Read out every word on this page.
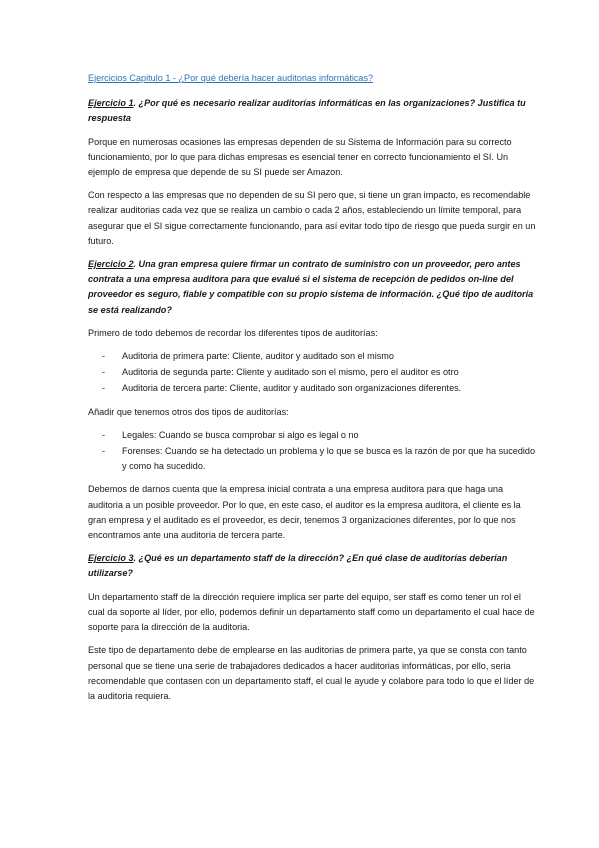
Ejercicios Capitulo 1 - ¿Por qué debería hacer auditorias informáticas?
Ejercicio 1. ¿Por qué es necesario realizar auditorías informáticas en las organizaciones? Justifica tu respuesta

Porque en numerosas ocasiones las empresas dependen de su Sistema de Información para su correcto funcionamiento, por lo que para dichas empresas es esencial tener en correcto funcionamiento el SI. Un ejemplo de empresa que depende de su SI puede ser Amazon.

Con respecto a las empresas que no dependen de su SI pero que, si tiene un gran impacto, es recomendable realizar auditorias cada vez que se realiza un cambio o cada 2 años, estableciendo un límite temporal, para asegurar que el SI sigue correctamente funcionando, para así evitar todo tipo de riesgo que pueda surgir en un futuro.

Ejercicio 2. Una gran empresa quiere firmar un contrato de suministro con un proveedor, pero antes contrata a una empresa auditora para que evalué si el sistema de recepción de pedidos on-line del proveedor es seguro, fiable y compatible con su propio sistema de información. ¿Qué tipo de auditoria se está realizando?

Primero de todo debemos de recordar los diferentes tipos de auditorías:

- Auditoria de primera parte: Cliente, auditor y auditado son el mismo
- Auditoria de segunda parte: Cliente y auditado son el mismo, pero el auditor es otro
- Auditoria de tercera parte: Cliente, auditor y auditado son organizaciones diferentes.

Añadir que tenemos otros dos tipos de auditorías:

- Legales: Cuando se busca comprobar si algo es legal o no
- Forenses: Cuando se ha detectado un problema y lo que se busca es la razón de por que ha sucedido y como ha sucedido.

Debemos de darnos cuenta que la empresa inicial contrata a una empresa auditora para que haga una auditoria a un posible proveedor. Por lo que, en este caso, el auditor es la empresa auditora, el cliente es la gran empresa y el auditado es el proveedor, es decir, tenemos 3 organizaciones diferentes, por lo que nos encontramos ante una auditoria de tercera parte.

Ejercicio 3. ¿Qué es un departamento staff de la dirección? ¿En qué clase de auditorías deberían utilizarse?

Un departamento staff de la dirección requiere implica ser parte del equipo, ser staff es como tener un rol el cual da soporte al líder, por ello, podemos definir un departamento staff como un departamento el cual hace de soporte para la dirección de la auditoria.

Este tipo de departamento debe de emplearse en las auditorias de primera parte, ya que se consta con tanto personal que se tiene una serie de trabajadores dedicados a hacer auditorias informáticas, por ello, seria recomendable que contasen con un departamento staff, el cual le ayude y colabore para todo lo que el líder de la auditoria requiera.
